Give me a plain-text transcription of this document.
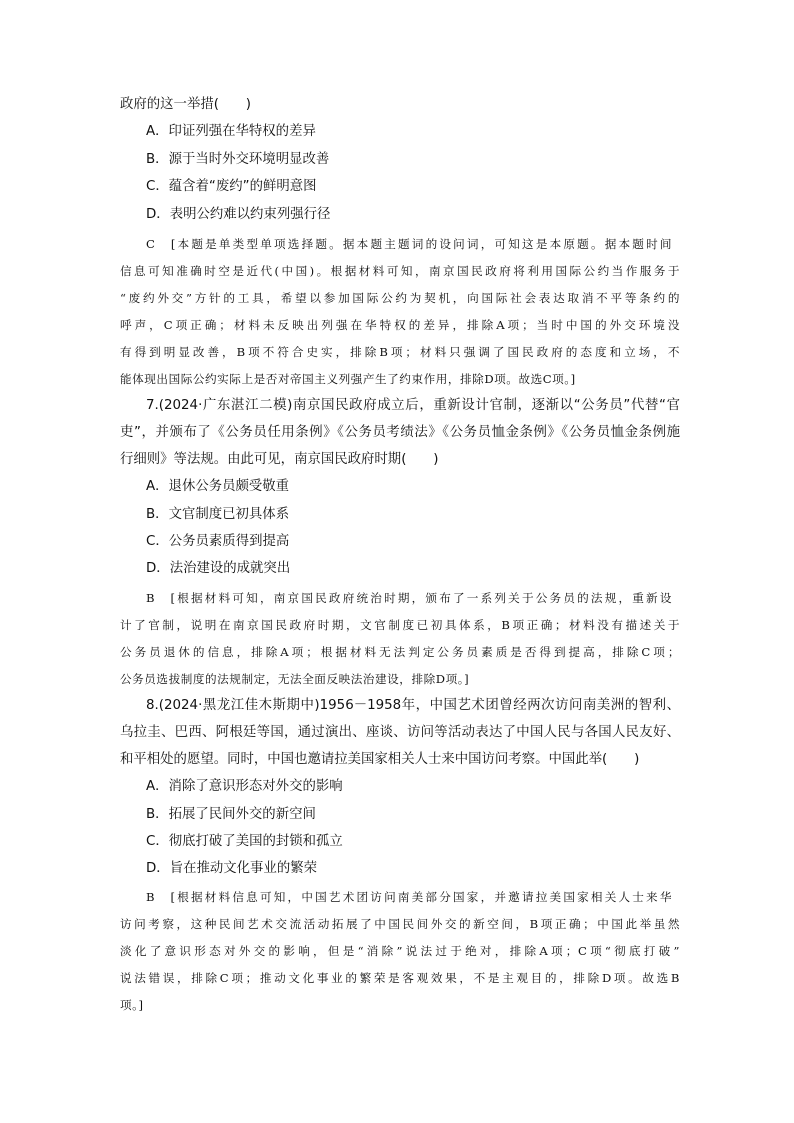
政府的这一举措(　　)
A．印证列强在华特权的差异
B．源于当时外交环境明显改善
C．蕴含着“废约”的鲜明意图
D．表明公约难以约束列强行径
C　[本题是单类型单项选择题。据本题主题词的设问词，可知这是本原题。据本题时间
信息可知准确时空是近代(中国)。根据材料可知，南京国民政府将利用国际公约当作服务于
“废约外交”方针的工具，希望以参加国际公约为契机，向国际社会表达取消不平等条约的
呼声，C项正确；材料未反映出列强在华特权的差异，排除A项；当时中国的外交环境没
有得到明显改善，B项不符合史实，排除B项；材料只强调了国民政府的态度和立场，不
能体现出国际公约实际上是否对帝国主义列强产生了约束作用，排除D项。故选C项。]
7.(2024·广东湛江二模)南京国民政府成立后，重新设计官制，逐渐以“公务员”代替“官
吏”，并颁布了《公务员任用条例》《公务员考绩法》《公务员恤金条例》《公务员恤金条例施
行细则》等法规。由此可见，南京国民政府时期(　　)
A．退休公务员颇受敬重
B．文官制度已初具体系
C．公务员素质得到提高
D．法治建设的成就突出
B　[根据材料可知，南京国民政府统治时期，颁布了一系列关于公务员的法规，重新设
计了官制，说明在南京国民政府时期，文官制度已初具体系，B项正确；材料没有描述关于
公务员退休的信息，排除A项；根据材料无法判定公务员素质是否得到提高，排除C项；
公务员选拔制度的法规制定，无法全面反映法治建设，排除D项。]
8.(2024·黑龙江佳木斯期中)1956－1958年，中国艺术团曾经两次访问南美洲的智利、
乌拉圭、巴西、阿根廷等国，通过演出、座谈、访问等活动表达了中国人民与各国人民友好、
和平相处的愿望。同时，中国也邀请拉美国家相关人士来中国访问考察。中国此举(　　)
A．消除了意识形态对外交的影响
B．拓展了民间外交的新空间
C．彻底打破了美国的封锁和孤立
D．旨在推动文化事业的繁荣
B　[根据材料信息可知，中国艺术团访问南美部分国家，并邀请拉美国家相关人士来华
访问考察，这种民间艺术交流活动拓展了中国民间外交的新空间，B项正确；中国此举虽然
淡化了意识形态对外交的影响，但是“消除”说法过于绝对，排除A项；C项“彻底打破”
说法错误，排除C项；推动文化事业的繁荣是客观效果，不是主观目的，排除D项。故选B
项。]
